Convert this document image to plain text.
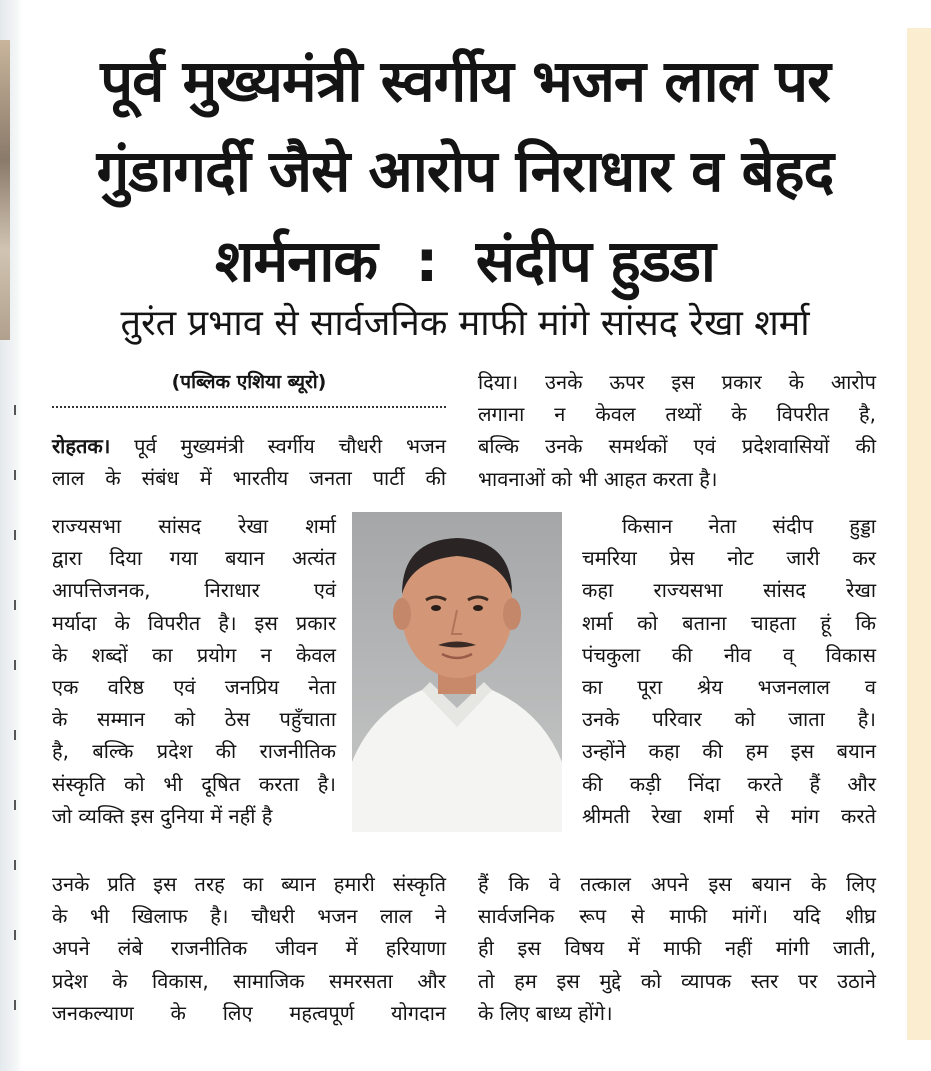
पूर्व मुख्यमंत्री स्वर्गीय भजन लाल पर
गुंडागर्दी जैसे आरोप निराधार व बेहद
शर्मनाक  :  संदीप हुडडा
तुरंत प्रभाव से सार्वजनिक माफी मांगे सांसद रेखा शर्मा
(पब्लिक एशिया ब्यूरो)

रोहतक। पूर्व मुख्यमंत्री स्वर्गीय चौधरी भजन

लाल के संबंध में भारतीय जनता पार्टी की

राज्यसभा सांसद रेखा शर्मा

द्वारा दिया गया बयान अत्यंत

आपत्तिजनक, निराधार एवं

मर्यादा के विपरीत है। इस प्रकार

के शब्दों का प्रयोग न केवल

एक वरिष्ठ एवं जनप्रिय नेता

के सम्मान को ठेस पहुँचाता

है, बल्कि प्रदेश की राजनीतिक

संस्कृति को भी दूषित करता है।

जो व्यक्ति इस दुनिया में नहीं है

उनके प्रति इस तरह का ब्यान हमारी संस्कृति

के भी खिलाफ है। चौधरी भजन लाल ने

अपने लंबे राजनीतिक जीवन में हरियाणा

प्रदेश के विकास, सामाजिक समरसता और

जनकल्याण के लिए महत्वपूर्ण योगदान

दिया। उनके ऊपर इस प्रकार के आरोप

लगाना न केवल तथ्यों के विपरीत है,

बल्कि उनके समर्थकों एवं प्रदेशवासियों की

भावनाओं को भी आहत करता है।

किसान नेता संदीप हुड्डा

चमरिया प्रेस नोट जारी कर

कहा राज्यसभा सांसद रेखा

शर्मा को बताना चाहता हूं कि

पंचकुला की नीव व् विकास

का पूरा श्रेय भजनलाल व

उनके परिवार को जाता है।

उन्होंने कहा की हम इस बयान

की कड़ी निंदा करते हैं और

श्रीमती रेखा शर्मा से मांग करते

हैं कि वे तत्काल अपने इस बयान के लिए

सार्वजनिक रूप से माफी मांगें। यदि शीघ्र

ही इस विषय में माफी नहीं मांगी जाती,

तो हम इस मुद्दे को व्यापक स्तर पर उठाने

के लिए बाध्य होंगे।
